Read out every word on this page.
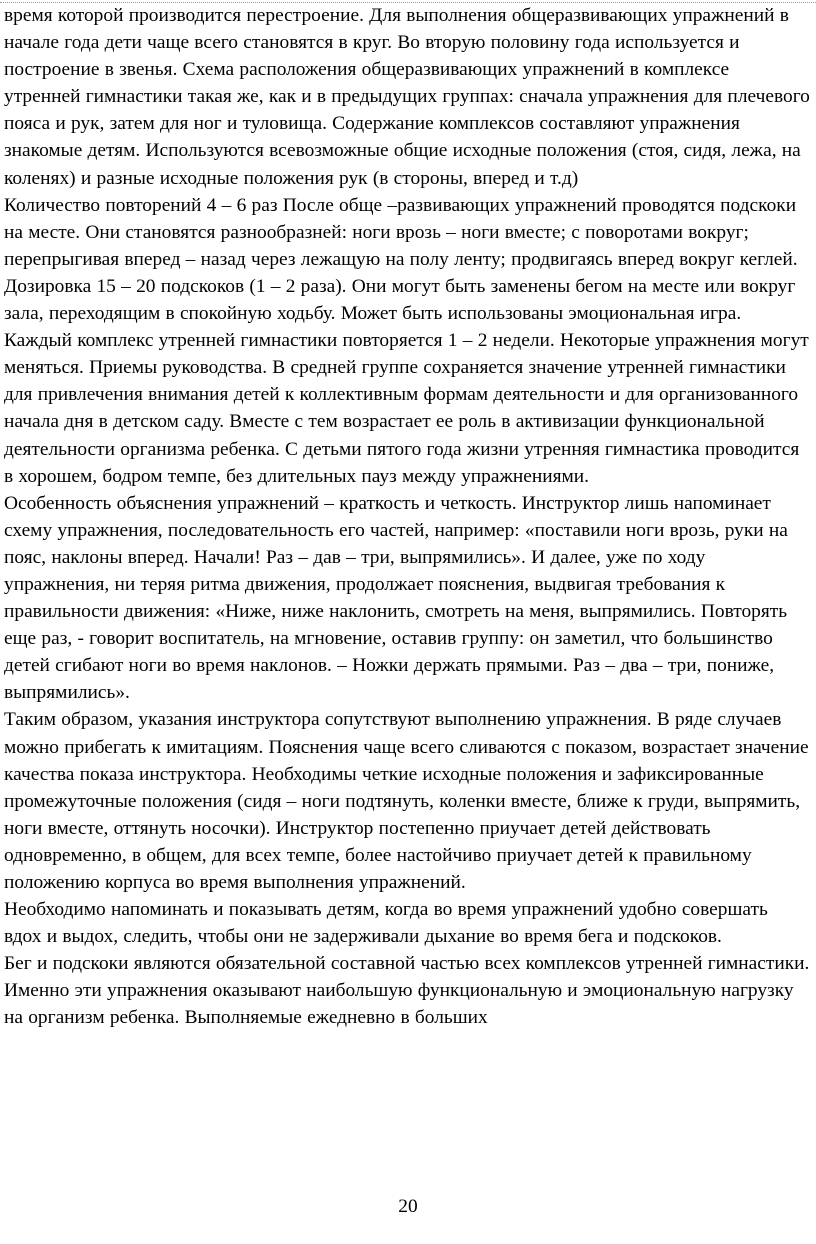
время которой производится перестроение. Для выполнения общеразвивающих упражнений в начале года дети чаще всего становятся в круг. Во вторую половину года используется и построение в звенья. Схема расположения общеразвивающих упражнений в комплексе утренней гимнастики такая же, как и в предыдущих группах: сначала упражнения для плечевого пояса и рук, затем для ног и туловища. Содержание комплексов составляют упражнения знакомые детям. Используются всевозможные общие исходные положения (стоя, сидя, лежа, на коленях) и разные исходные положения рук (в стороны, вперед и т.д)

Количество повторений 4 – 6 раз После обще –развивающих упражнений проводятся подскоки на месте. Они становятся разнообразней: ноги врозь – ноги вместе; с поворотами вокруг; перепрыгивая вперед – назад через лежащую на полу ленту; продвигаясь вперед вокруг кеглей. Дозировка 15 – 20 подскоков (1 – 2 раза). Они могут быть заменены бегом на месте или вокруг зала, переходящим в спокойную ходьбу. Может быть использованы эмоциональная игра.

Каждый комплекс утренней гимнастики повторяется 1 – 2 недели. Некоторые упражнения могут меняться. Приемы руководства. В средней группе сохраняется значение утренней гимнастики для привлечения внимания детей к коллективным формам деятельности и для организованного начала дня в детском саду. Вместе с тем возрастает ее роль в активизации функциональной деятельности организма ребенка. С детьми пятого года жизни утренняя гимнастика проводится в хорошем, бодром темпе, без длительных пауз между упражнениями.

Особенность объяснения упражнений – краткость и четкость. Инструктор лишь напоминает схему упражнения, последовательность его частей, например: «поставили ноги врозь, руки на пояс, наклоны вперед. Начали! Раз – дав – три, выпрямились». И далее, уже по ходу упражнения, ни теряя ритма движения, продолжает пояснения, выдвигая требования к правильности движения: «Ниже, ниже наклонить, смотреть на меня, выпрямились. Повторять еще раз, - говорит воспитатель, на мгновение, оставив группу: он заметил, что большинство детей сгибают ноги во время наклонов. – Ножки держать прямыми. Раз – два – три, пониже, выпрямились».

Таким образом, указания инструктора сопутствуют выполнению упражнения. В ряде случаев можно прибегать к имитациям. Пояснения чаще всего сливаются с показом, возрастает значение качества показа инструктора. Необходимы четкие исходные положения и зафиксированные промежуточные положения (сидя – ноги подтянуть, коленки вместе, ближе к груди, выпрямить, ноги вместе, оттянуть носочки). Инструктор постепенно приучает детей действовать одновременно, в общем, для всех темпе, более настойчиво приучает детей к правильному положению корпуса во время выполнения упражнений.

Необходимо напоминать и показывать детям, когда во время упражнений удобно совершать вдох и выдох, следить, чтобы они не задерживали дыхание во время бега и подскоков.

Бег и подскоки являются обязательной составной частью всех комплексов утренней гимнастики. Именно эти упражнения оказывают наибольшую функциональную и эмоциональную нагрузку на организм ребенка. Выполняемые ежедневно в больших

20
